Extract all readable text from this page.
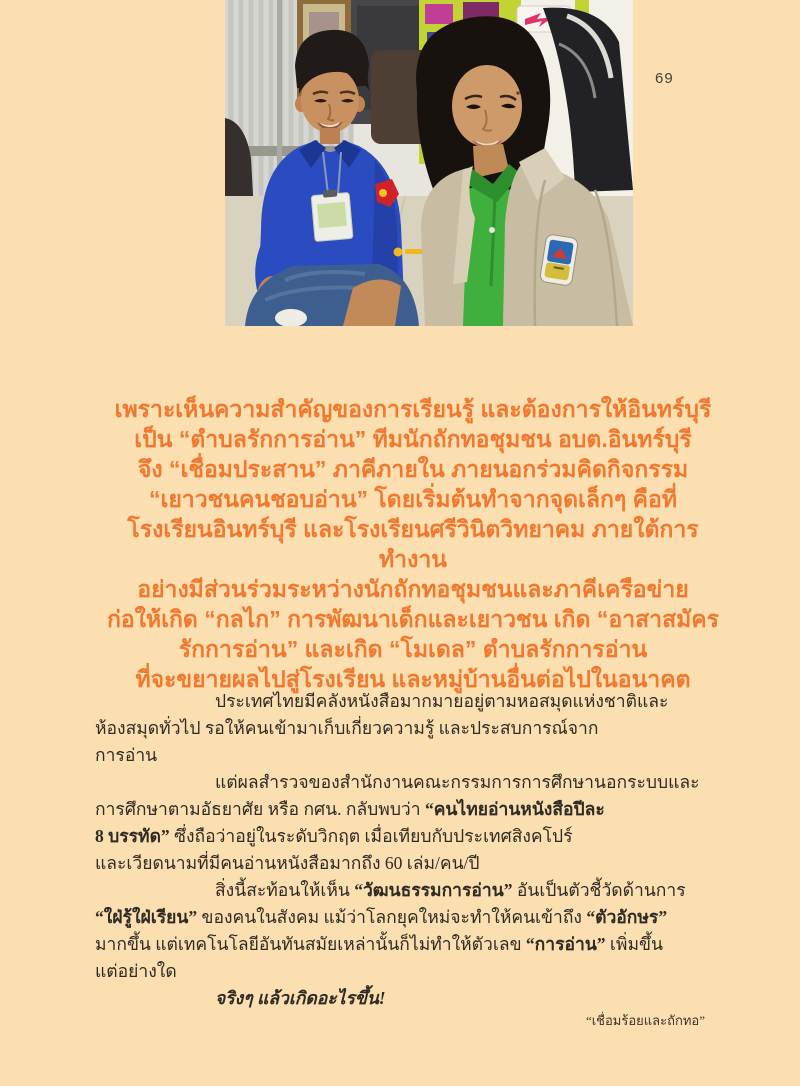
69
เพราะเห็นความสำคัญของการเรียนรู้ และต้องการให้อินทร์บุรี
เป็น “ตำบลรักการอ่าน” ทีมนักถักทอชุมชน อบต.อินทร์บุรี
จึง “เชื่อมประสาน” ภาคีภายใน ภายนอกร่วมคิดกิจกรรม
“เยาวชนคนชอบอ่าน” โดยเริ่มต้นทำจากจุดเล็กๆ คือที่
โรงเรียนอินทร์บุรี และโรงเรียนศรีวินิตวิทยาคม ภายใต้การทำงาน
อย่างมีส่วนร่วมระหว่างนักถักทอชุมชนและภาคีเครือข่าย
ก่อให้เกิด “กลไก” การพัฒนาเด็กและเยาวชน เกิด “อาสาสมัคร
รักการอ่าน” และเกิด “โมเดล” ตำบลรักการอ่าน
ที่จะขยายผลไปสู่โรงเรียน และหมู่บ้านอื่นต่อไปในอนาคต
ประเทศไทยมีคลังหนังสือมากมายอยู่ตามหอสมุดแห่งชาติและ
ห้องสมุดทั่วไป รอให้คนเข้ามาเก็บเกี่ยวความรู้ และประสบการณ์จาก
การอ่าน
แต่ผลสำรวจของสำนักงานคณะกรรมการการศึกษานอกระบบและ
การศึกษาตามอัธยาศัย หรือ กศน. กลับพบว่า “คนไทยอ่านหนังสือปีละ
8 บรรทัด” ซึ่งถือว่าอยู่ในระดับวิกฤต เมื่อเทียบกับประเทศสิงคโปร์
และเวียดนามที่มีคนอ่านหนังสือมากถึง 60 เล่ม/คน/ปี
สิ่งนี้สะท้อนให้เห็น “วัฒนธรรมการอ่าน” อันเป็นตัวชี้วัดด้านการ
“ใฝ่รู้ใฝ่เรียน” ของคนในสังคม แม้ว่าโลกยุคใหม่จะทำให้คนเข้าถึง “ตัวอักษร”
มากขึ้น แต่เทคโนโลยีอันทันสมัยเหล่านั้นก็ไม่ทำให้ตัวเลข “การอ่าน” เพิ่มขึ้น
แต่อย่างใด
จริงๆ แล้วเกิดอะไรขึ้น!
“เชื่อมร้อยและถักทอ”
